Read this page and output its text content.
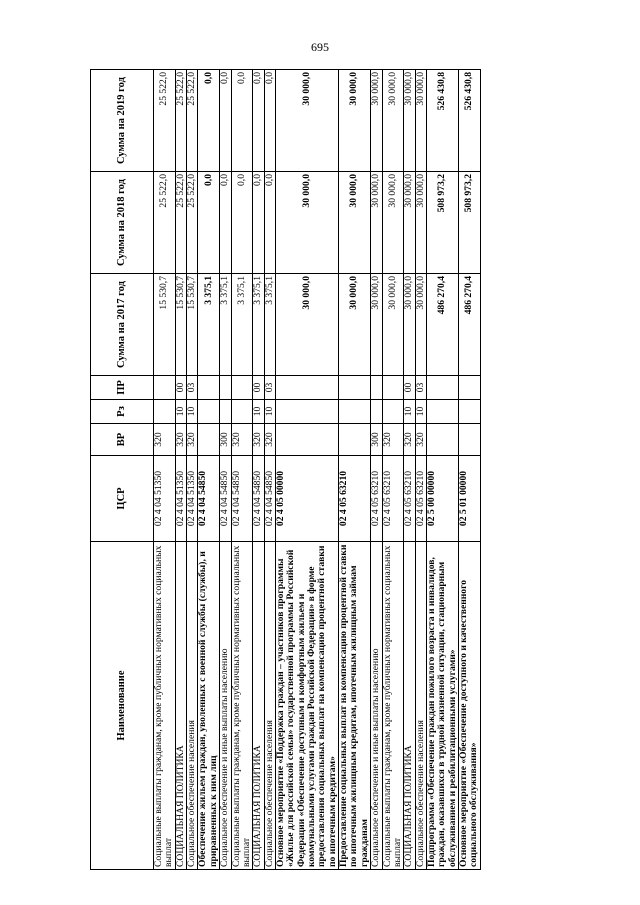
695
Наименование	ЦСР	ВР	Рз	ПР	Сумма на 2017 год	Сумма на 2018 год	Сумма на 2019 год
Социальные выплаты гражданам, кроме публичных нормативных социальных выплат	02 4 04 51350	320			15 530,7	25 522,0	25 522,0
СОЦИАЛЬНАЯ ПОЛИТИКА	02 4 04 51350	320	10	00	15 530,7	25 522,0	25 522,0
Социальное обеспечение населения	02 4 04 51350	320	10	03	15 530,7	25 522,0	25 522,0
Обеспечение жильем граждан, уволенных с военной службы (службы), и приравненных к ним лиц	02 4 04 54850				3 375,1	0,0	0,0
Социальное обеспечение и иные выплаты населению	02 4 04 54850	300			3 375,1	0,0	0,0
Социальные выплаты гражданам, кроме публичных нормативных социальных выплат	02 4 04 54850	320			3 375,1	0,0	0,0
СОЦИАЛЬНАЯ ПОЛИТИКА	02 4 04 54850	320	10	00	3 375,1	0,0	0,0
Социальное обеспечение населения	02 4 04 54850	320	10	03	3 375,1	0,0	0,0
Основное мероприятие «Поддержка граждан – участников программы «Жилье для российской семьи» государственной программы Российской Федерации «Обеспечение доступным и комфортным жильем и коммунальными услугами граждан Российской Федерации» в форме предоставления социальных выплат на компенсацию процентной ставки по ипотечным кредитам»	02 4 05 00000				30 000,0	30 000,0	30 000,0
Предоставление социальных выплат на компенсацию процентной ставки по ипотечным жилищным кредитам, ипотечным жилищным займам гражданам	02 4 05 63210				30 000,0	30 000,0	30 000,0
Социальное обеспечение и иные выплаты населению	02 4 05 63210	300			30 000,0	30 000,0	30 000,0
Социальные выплаты гражданам, кроме публичных нормативных социальных выплат	02 4 05 63210	320			30 000,0	30 000,0	30 000,0
СОЦИАЛЬНАЯ ПОЛИТИКА	02 4 05 63210	320	10	00	30 000,0	30 000,0	30 000,0
Социальное обеспечение населения	02 4 05 63210	320	10	03	30 000,0	30 000,0	30 000,0
Подпрограмма «Обеспечение граждан пожилого возраста и инвалидов, граждан, оказавшихся в трудной жизненной ситуации, стационарным обслуживанием и реабилитационными услугами»	02 5 00 00000				486 270,4	508 973,2	526 430,8
Основное мероприятие «Обеспечение доступного и качественного социального обслуживания»	02 5 01 00000				486 270,4	508 973,2	526 430,8
